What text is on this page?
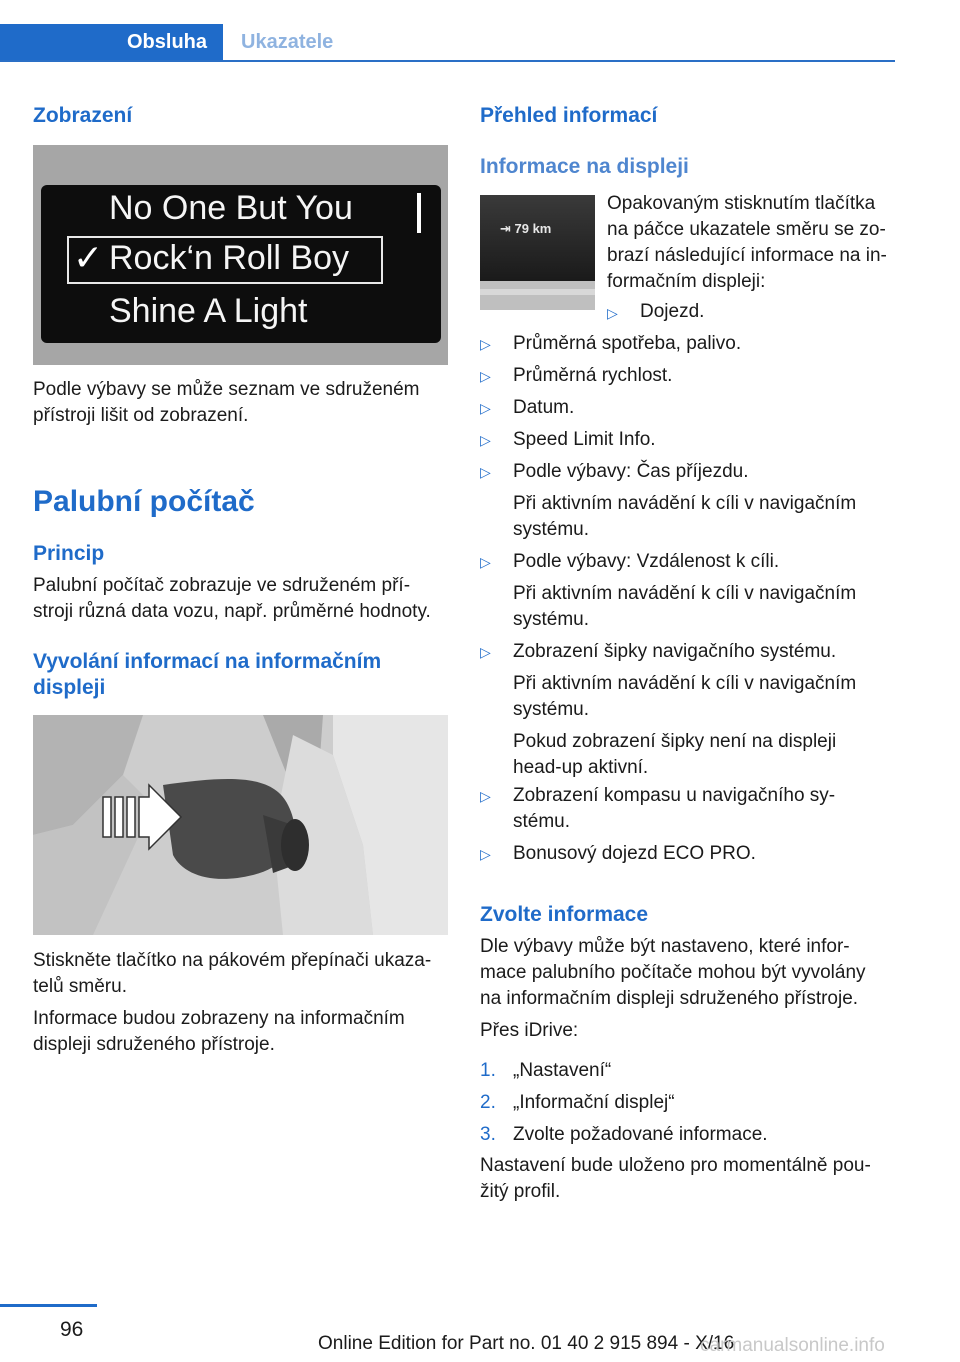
Obsluha	Ukazatele
Zobrazení
No One But You
✓ Rock‘n Roll Boy
Shine A Light

Podle výbavy se může seznam ve sdruženém

přístroji lišit od zobrazení.

Palubní počítač
Princip

Palubní počítač zobrazuje ve sdruženém pří‐

stroji různá data vozu, např. průměrné hodnoty.

Vyvolání informací na informačním
displeji

Stiskněte tlačítko na pákovém přepínači ukaza‐

telů směru.

Informace budou zobrazeny na informačním

displeji sdruženého přístroje.

Přehled informací
Informace na displeji
⇥ 79 km

Opakovaným stisknutím tlačítka

na páčce ukazatele směru se zo‐

brazí následující informace na in‐

formačním displeji:

▷ Dojezd.
▷ Průměrná spotřeba, palivo.
▷ Průměrná rychlost.
▷ Datum.
▷ Speed Limit Info.
▷ Podle výbavy: Čas příjezdu.
Při aktivním navádění k cíli v navigačním
systému.
▷ Podle výbavy: Vzdálenost k cíli.
Při aktivním navádění k cíli v navigačním
systému.
▷ Zobrazení šipky navigačního systému.
Při aktivním navádění k cíli v navigačním
systému.
Pokud zobrazení šipky není na displeji
head-up aktivní.
▷ Zobrazení kompasu u navigačního sy‐
stému.
▷ Bonusový dojezd ECO PRO.
Zvolte informace

Dle výbavy může být nastaveno, které infor‐

mace palubního počítače mohou být vyvolány

na informačním displeji sdruženého přístroje.

Přes iDrive:

1. „Nastavení“
2. „Informační displej“
3. Zvolte požadované informace.

Nastavení bude uloženo pro momentálně pou‐

žitý profil.

96
Online Edition for Part no. 01 40 2 915 894 - X/16
carmanualsonline.info
